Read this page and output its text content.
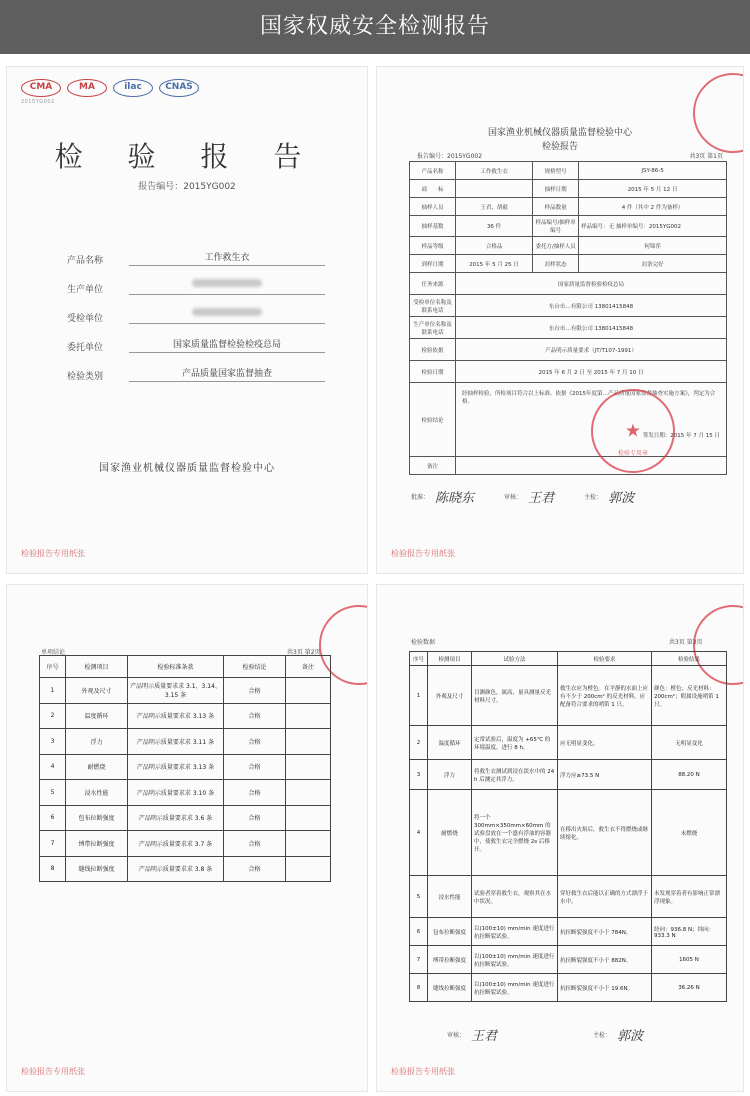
国家权威安全检测报告
CMA	MA	ilac	CNAS
2015YG002
检 验 报 告
报告编号：2015YG002
产品名称	工作救生衣
生产单位
受检单位
委托单位	国家质量监督检验检疫总局
检验类别	产品质量国家监督抽查
国家渔业机械仪器质量监督检验中心
检验报告专用纸张
国家渔业机械仪器质量监督检验中心
检验报告
报告编号：2015YG002	共3页 第1页
产品名称	工作救生衣	规格型号	JSY-86-5
商　　标		抽样日期	2015 年 5 月 12 日
抽样人员	王君、胡毅	样品数量	4 件（其中 2 件为备样）
抽样基数	36 件	样品编号/抽样单编号	样品编号：无 抽样单编号：2015YG002
样品等级	合格品	委托方/抽样人员	何锦萍
到样日期	2015 年 5 月 25 日	封样状态	封条完好
任务来源	国家质量监督检验检疫总局		
受检单位名称及联系电话	东台市…有限公司 13801415848		
生产单位名称及联系电话	东台市…有限公司 13801415848		
检验依据	产品明示质量要求（JT/T107-1991）		
检验日期	2015 年 6 月 2 日 至 2015 年 7 月 10 日		
检验结论	经抽样检验，所检项目符合以上标准，依据《2015年度第…产品质量国家监督抽查实施方案》，判定为合格。
签发日期：2015 年 7 月 15 日		

备注			
★
检验专用章
批准： 陈晓东	审核： 王君	主检： 郭波
检验报告专用纸张
单项结论	共3页 第2页
序号	检测项目	检验标准条款	检验结论	备注
1	外观及尺寸	产品明示质量要求求 3.1、3.14、3.15 条	合格	
2	温度循环	产品明示质量要求求 3.13 条	合格	
3	浮力	产品明示质量要求求 3.11 条	合格	
4	耐燃烧	产品明示质量要求求 3.13 条	合格	
5	浸水性能	产品明示质量要求求 3.10 条	合格	
6	包布拉断强度	产品明示质量要求求 3.6 条	合格	
7	缚带拉断强度	产品明示质量要求求 3.7 条	合格	
8	缝线拉断强度	产品明示质量要求求 3.8 条	合格	
检验报告专用纸张
检验数据	共3页 第3页
序号	检测项目	试验方法	检验要求	检验结果
1	外观及尺寸	目测颜色，属高，量具测量反光材料尺寸。	救生衣应为橙色。在平静的水面上应有不少于 200cm² 的反光材料。应配备符合要求的哨笛 1 只。	颜色：橙色；反光材料：200cm²；附属设施哨笛 1 只。
2	温度循环	定常试验后，温度为 +65℃ 的环境温度，进行 8 h。	应无明显变化。	无明显变化
3	浮力	将救生衣测试到浸在淡水中的 24 h 后测定其浮力。	浮力应≥73.5 N	88.20 N
4	耐燃烧	将一个 300mm×350mm×60mm 的试验盘放在一个盛有浮油的容器中，使救生衣完全燃烧 2s 后移开。	在移出火焰后，救生衣不得燃烧或继续熔化。	未燃烧
5	浸水性能	试验者穿着救生衣，观察其在水中状况。	穿好救生衣后能以正确的方式漂浮于水中。	未发现穿着者有影响正常漂浮现象。
6	包布拉断强度	以(100±10) mm/min 速度进行抗拉断裂试验。	抗拉断裂强度不小于 784N。	经向：936.8 N；纬向：933.3 N
7	缚带拉断强度	以(100±10) mm/min 速度进行抗拉断裂试验。	抗拉断裂强度不小于 882N。	1605 N
8	缝线拉断强度	以(100±10) mm/min 速度进行抗拉断裂试验。	抗拉断裂强度不小于 19.6N。	36.26 N
审核： 王君	主检： 郭波
检验报告专用纸张
